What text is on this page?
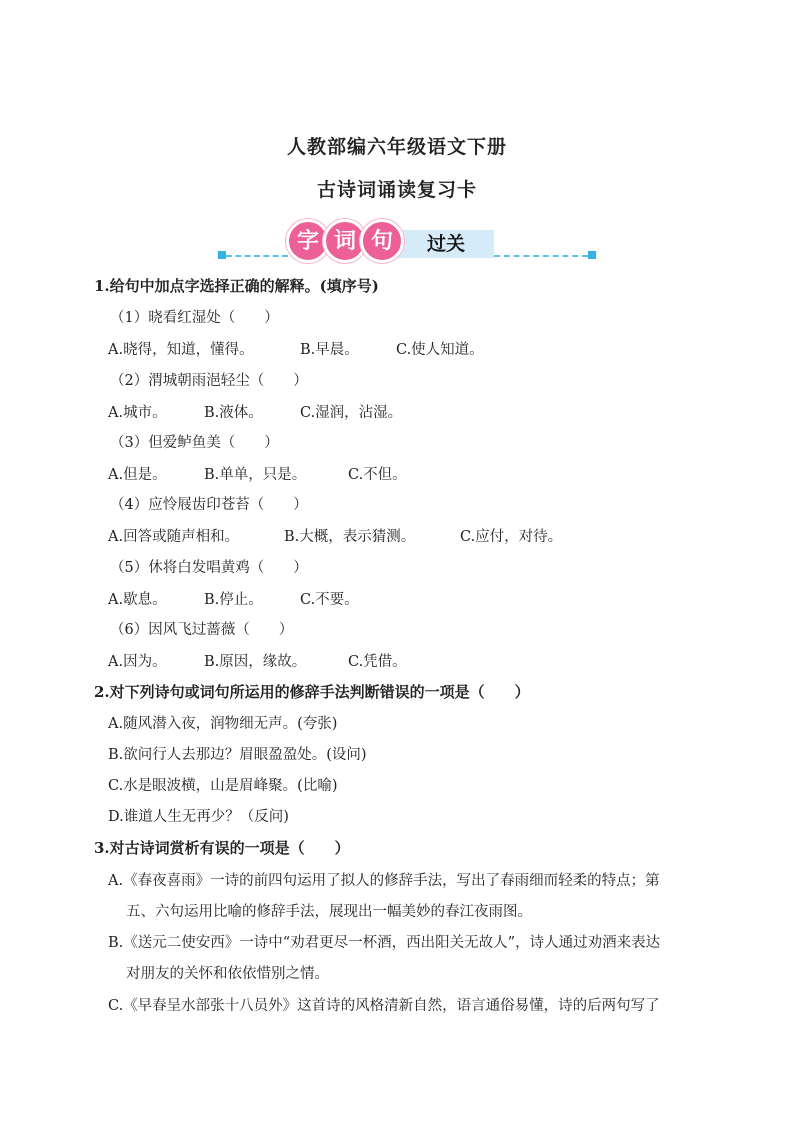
人教部编六年级语文下册
古诗词诵读复习卡
过关
字 词 句
1.给句中加点字选择正确的解释。(填序号)
（1）晓看红湿处（　　）
A.晓得，知道，懂得。	B.早晨。	C.使人知道。
（2）渭城朝雨浥轻尘（　　）
A.城市。	B.液体。	C.湿润，沾湿。
（3）但爱鲈鱼美（　　）
A.但是。	B.单单，只是。	C.不但。
（4）应怜屐齿印苍苔（　　）
A.回答或随声相和。	B.大概，表示猜测。	C.应付，对待。
（5）休将白发唱黄鸡（　　）
A.歇息。	B.停止。	C.不要。
（6）因风飞过蔷薇（　　）
A.因为。	B.原因，缘故。	C.凭借。
2.对下列诗句或词句所运用的修辞手法判断错误的一项是（　　）
A.随风潜入夜，润物细无声。(夸张)
B.欲问行人去那边？眉眼盈盈处。(设问)
C.水是眼波横，山是眉峰聚。(比喻)
D.谁道人生无再少？（反问)
3.对古诗词赏析有误的一项是（　　）
A.《春夜喜雨》一诗的前四句运用了拟人的修辞手法，写出了春雨细而轻柔的特点；第
五、六句运用比喻的修辞手法，展现出一幅美妙的春江夜雨图。
B.《送元二使安西》一诗中“劝君更尽一杯酒，西出阳关无故人”，诗人通过劝酒来表达
对朋友的关怀和依依惜别之情。
C.《早春呈水部张十八员外》这首诗的风格清新自然，语言通俗易懂，诗的后两句写了
